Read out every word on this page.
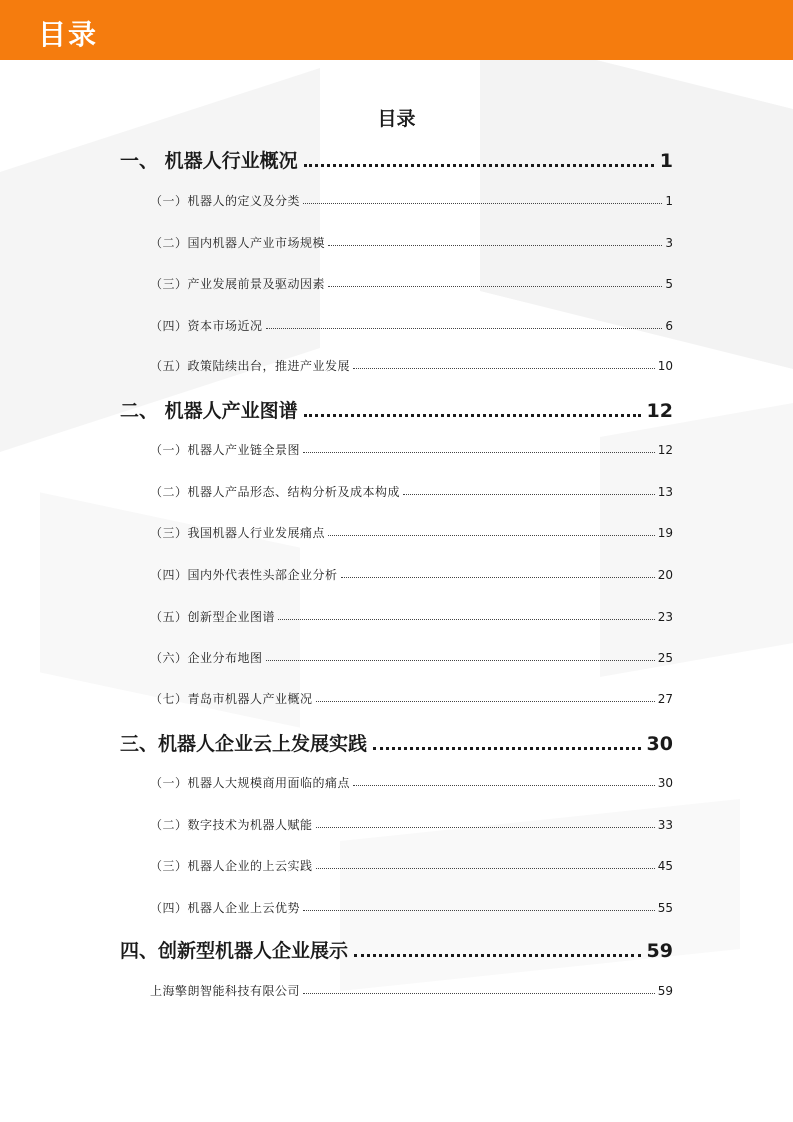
目录
目录
一、 机器人行业概况	1
（一）机器人的定义及分类	1
（二）国内机器人产业市场规模	3
（三）产业发展前景及驱动因素	5
（四）资本市场近况	6
（五）政策陆续出台，推进产业发展	10
二、 机器人产业图谱	12
（一）机器人产业链全景图	12
（二）机器人产品形态、结构分析及成本构成	13
（三）我国机器人行业发展痛点	19
（四）国内外代表性头部企业分析	20
（五）创新型企业图谱	23
（六）企业分布地图	25
（七）青岛市机器人产业概况	27
三、机器人企业云上发展实践	30
（一）机器人大规模商用面临的痛点	30
（二）数字技术为机器人赋能	33
（三）机器人企业的上云实践	45
（四）机器人企业上云优势	55
四、创新型机器人企业展示	59
上海擎朗智能科技有限公司	59
